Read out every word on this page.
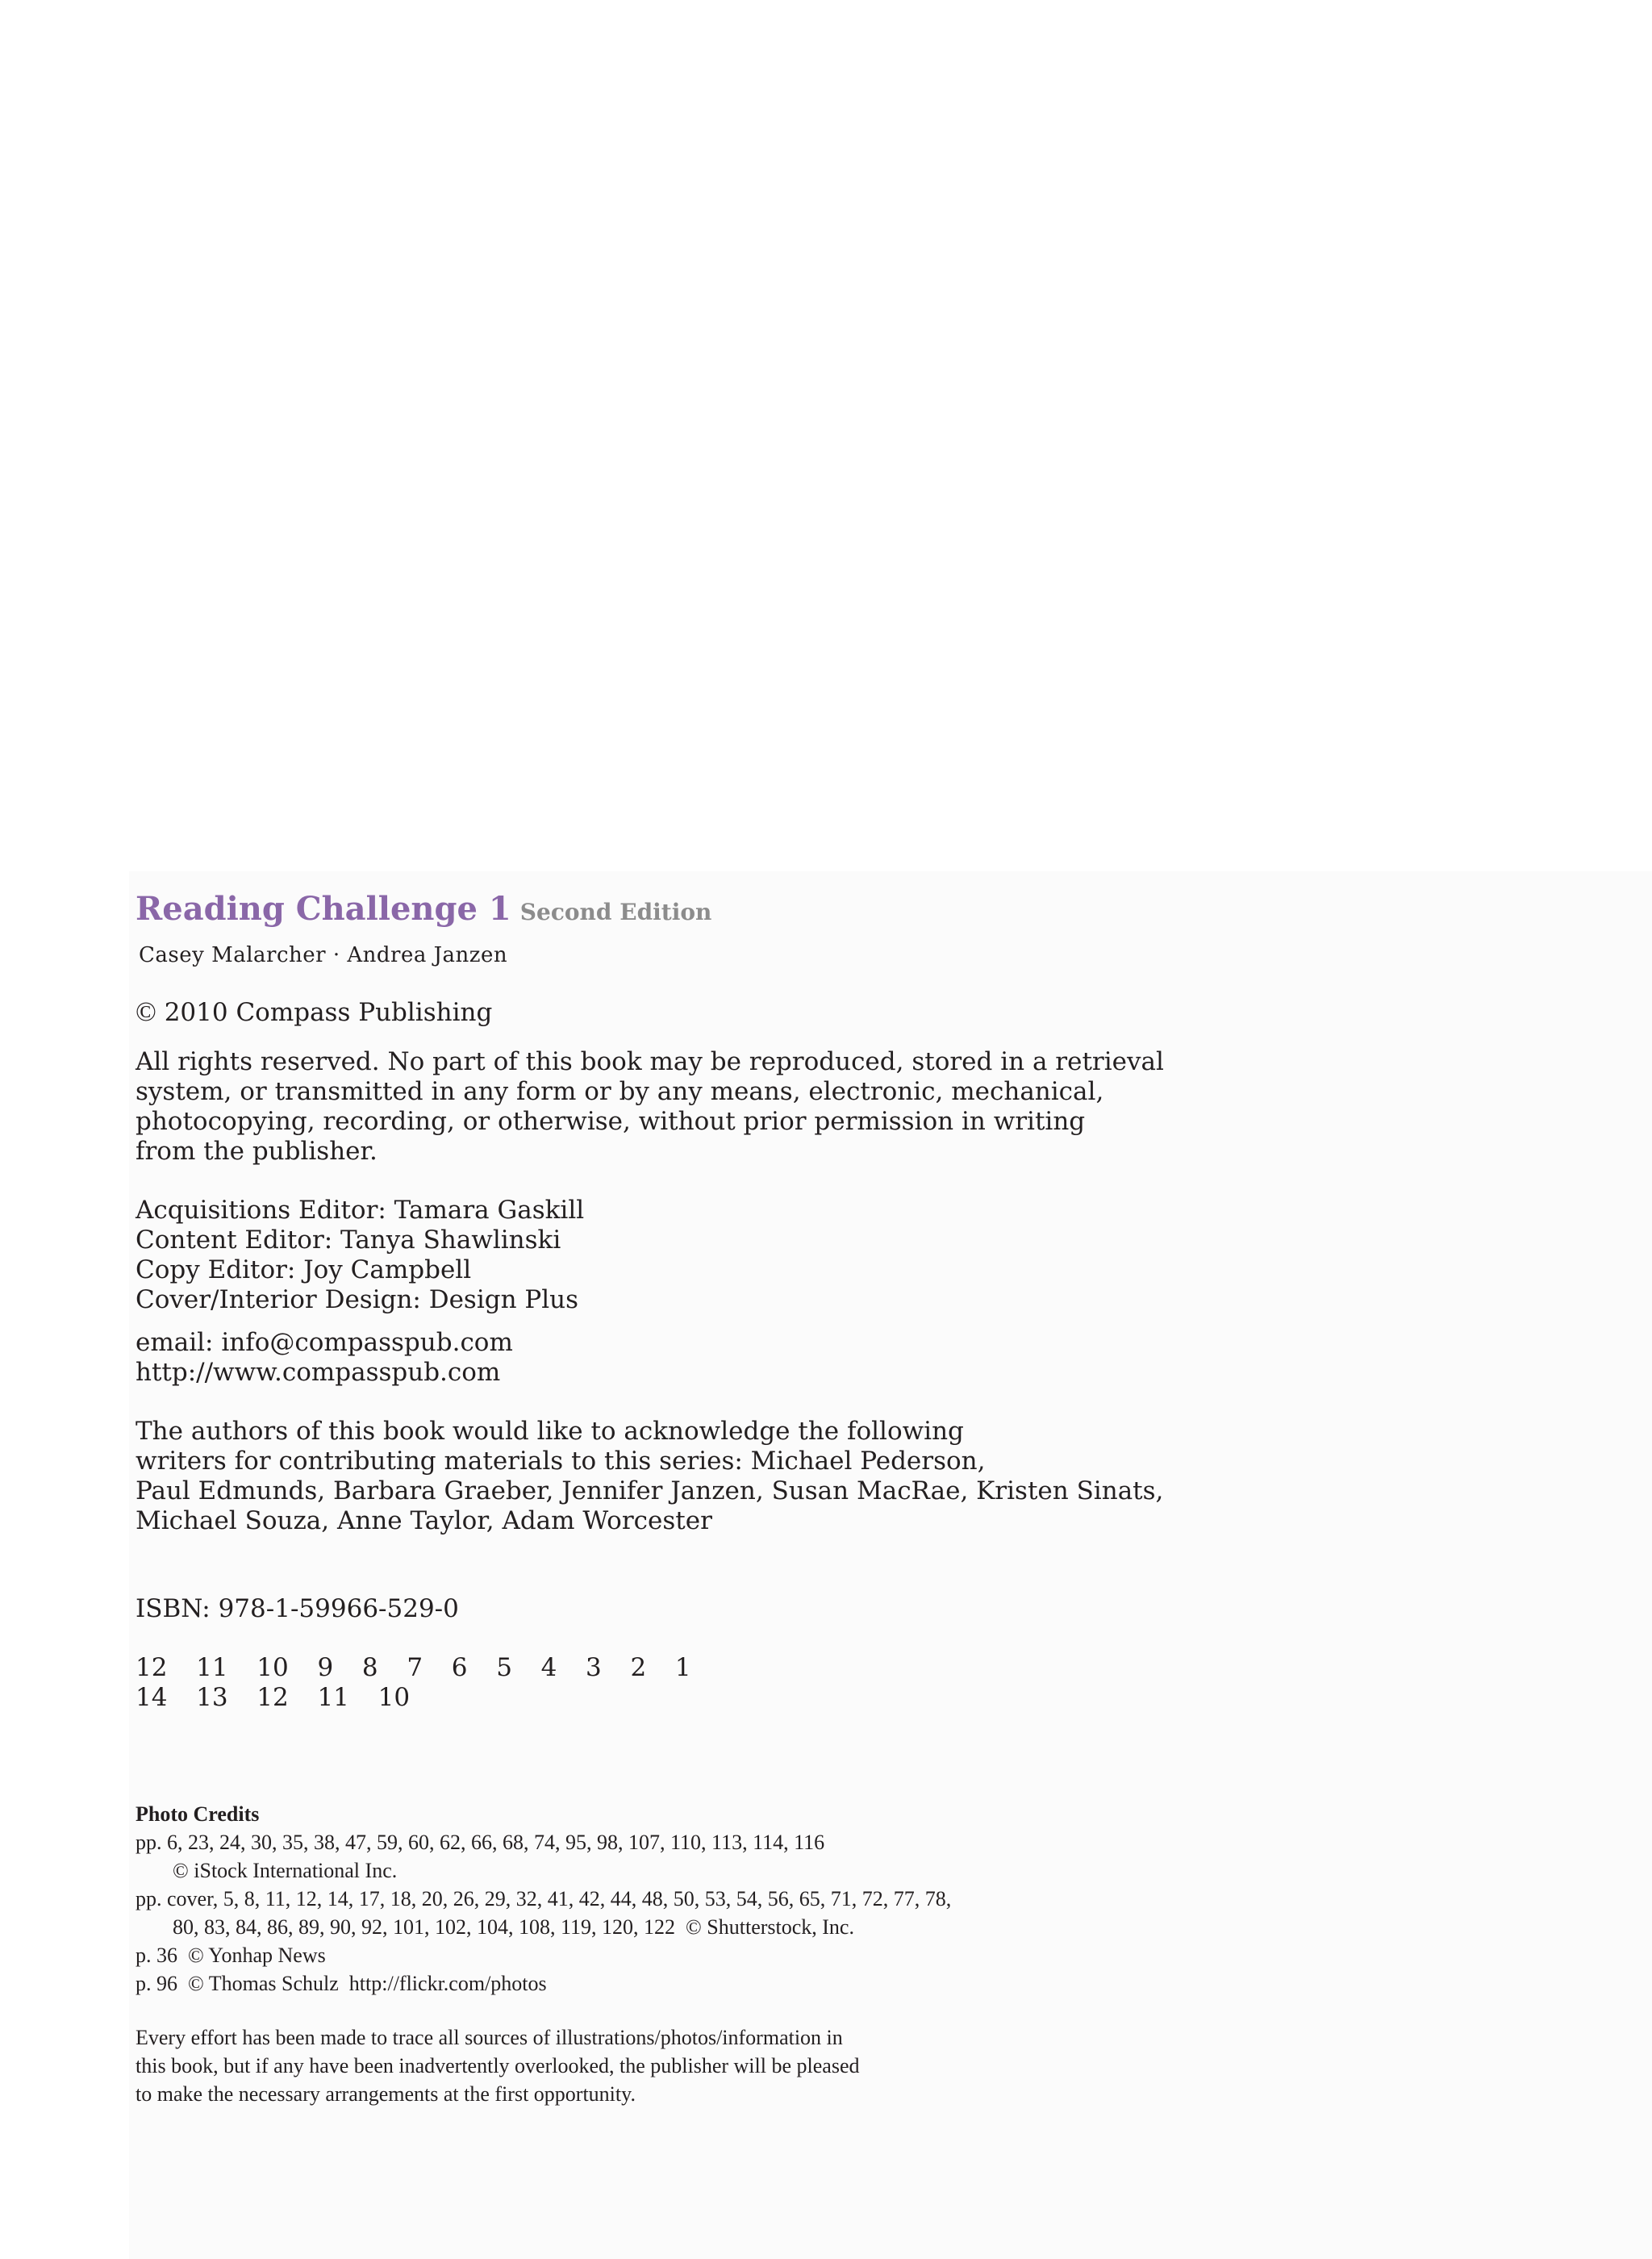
Reading Challenge 1 Second Edition

Casey Malarcher · Andrea Janzen

© 2010 Compass Publishing
All rights reserved. No part of this book may be reproduced, stored in a retrieval
system, or transmitted in any form or by any means, electronic, mechanical,
photocopying, recording, or otherwise, without prior permission in writing
from the publisher.

Acquisitions Editor: Tamara Gaskill

Content Editor: Tanya Shawlinski

Copy Editor: Joy Campbell

Cover/Interior Design: Design Plus

email: info@compasspub.com

http://www.compasspub.com

The authors of this book would like to acknowledge the following
writers for contributing materials to this series: Michael Pederson,
Paul Edmunds, Barbara Graeber, Jennifer Janzen, Susan MacRae, Kristen Sinats,
Michael Souza, Anne Taylor, Adam Worcester
ISBN: 978-1-59966-529-0
12  11  10  9  8  7  6  5  4  3  2  1
14  13  12  11  10
Photo Credits
pp. 6, 23, 24, 30, 35, 38, 47, 59, 60, 62, 66, 68, 74, 95, 98, 107, 110, 113, 114, 116
© iStock International Inc.
pp. cover, 5, 8, 11, 12, 14, 17, 18, 20, 26, 29, 32, 41, 42, 44, 48, 50, 53, 54, 56, 65, 71, 72, 77, 78,
80, 83, 84, 86, 89, 90, 92, 101, 102, 104, 108, 119, 120, 122  © Shutterstock, Inc.
p. 36  © Yonhap News
p. 96  © Thomas Schulz  http://flickr.com/photos
Every effort has been made to trace all sources of illustrations/photos/information in
this book, but if any have been inadvertently overlooked, the publisher will be pleased
to make the necessary arrangements at the first opportunity.
